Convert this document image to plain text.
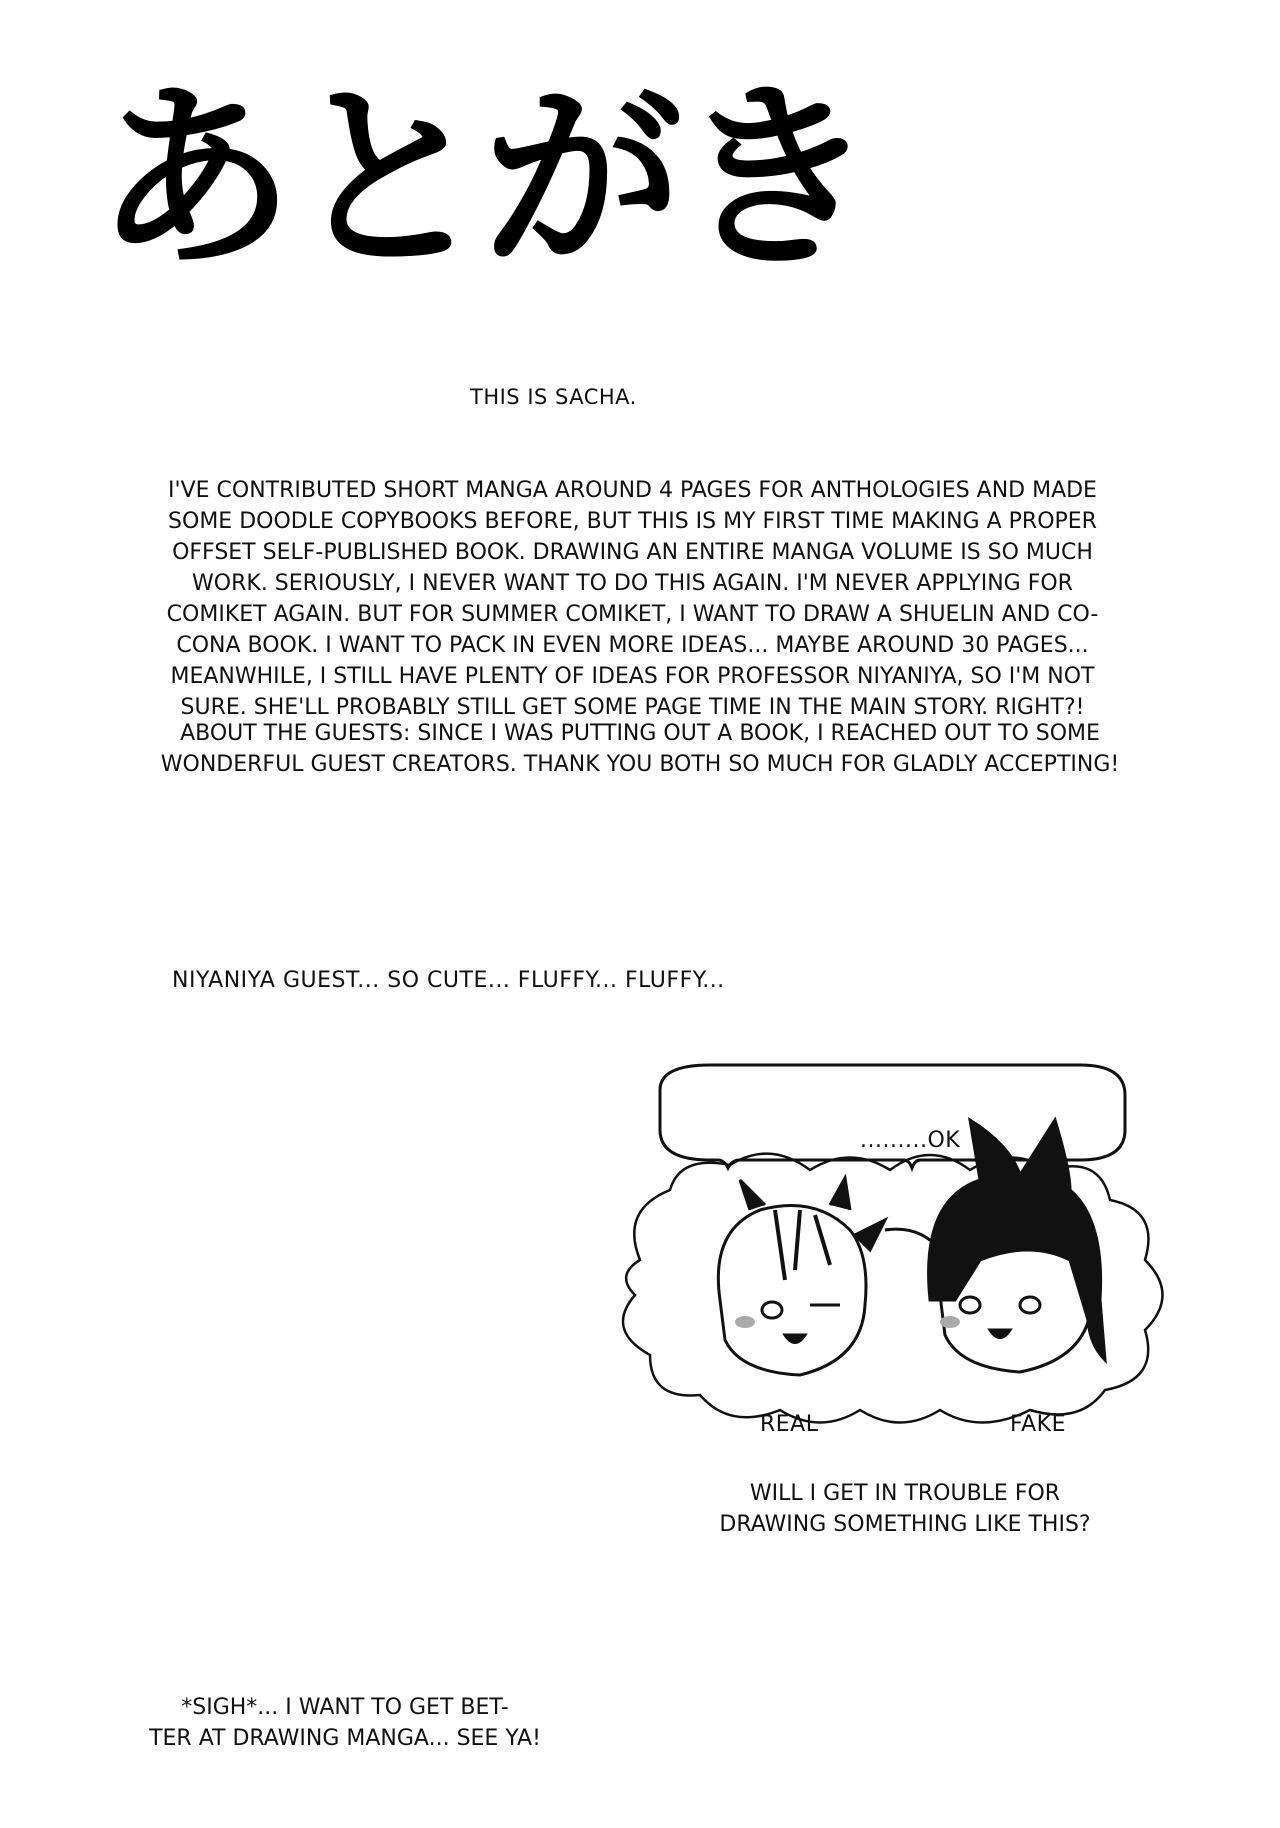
あとがき
THIS IS SACHA.
I'VE CONTRIBUTED SHORT MANGA AROUND 4 PAGES FOR ANTHOLOGIES AND MADE
SOME DOODLE COPYBOOKS BEFORE, BUT THIS IS MY FIRST TIME MAKING A PROPER
OFFSET SELF-PUBLISHED BOOK. DRAWING AN ENTIRE MANGA VOLUME IS SO MUCH
WORK. SERIOUSLY, I NEVER WANT TO DO THIS AGAIN. I'M NEVER APPLYING FOR
COMIKET AGAIN. BUT FOR SUMMER COMIKET, I WANT TO DRAW A SHUELIN AND CO-
CONA BOOK. I WANT TO PACK IN EVEN MORE IDEAS... MAYBE AROUND 30 PAGES...
MEANWHILE, I STILL HAVE PLENTY OF IDEAS FOR PROFESSOR NIYANIYA, SO I'M NOT
SURE. SHE'LL PROBABLY STILL GET SOME PAGE TIME IN THE MAIN STORY. RIGHT?!
ABOUT THE GUESTS: SINCE I WAS PUTTING OUT A BOOK, I REACHED OUT TO SOME
WONDERFUL GUEST CREATORS. THANK YOU BOTH SO MUCH FOR GLADLY ACCEPTING!
NIYANIYA GUEST... SO CUTE... FLUFFY... FLUFFY...
.........OK
REAL	FAKE
WILL I GET IN TROUBLE FOR
DRAWING SOMETHING LIKE THIS?
*SIGH*... I WANT TO GET BET-
TER AT DRAWING MANGA... SEE YA!
